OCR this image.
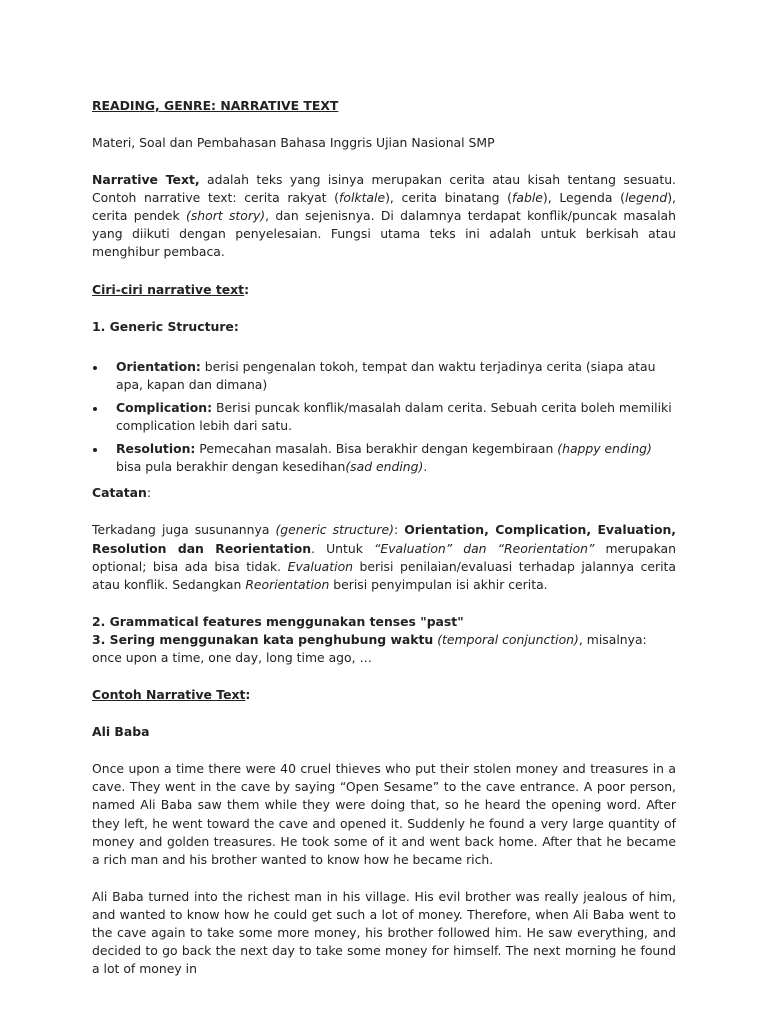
READING, GENRE: NARRATIVE TEXT

Materi, Soal dan Pembahasan Bahasa Inggris Ujian Nasional SMP

Narrative Text, adalah teks yang isinya merupakan cerita atau kisah tentang sesuatu. Contoh narrative text: cerita rakyat (folktale), cerita binatang (fable), Legenda (legend), cerita pendek (short story), dan sejenisnya. Di dalamnya terdapat konflik/puncak masalah yang diikuti dengan penyelesaian. Fungsi utama teks ini adalah untuk berkisah atau menghibur pembaca.

Ciri-ciri narrative text:

1. Generic Structure:

Orientation: berisi pengenalan tokoh, tempat dan waktu terjadinya cerita (siapa atau apa, kapan dan dimana)
Complication: Berisi puncak konflik/masalah dalam cerita. Sebuah cerita boleh memiliki complication lebih dari satu.
Resolution: Pemecahan masalah. Bisa berakhir dengan kegembiraan (happy ending) bisa pula berakhir dengan kesedihan(sad ending).

Catatan:

Terkadang juga susunannya (generic structure): Orientation, Complication, Evaluation, Resolution dan Reorientation. Untuk “Evaluation” dan “Reorientation” merupakan optional; bisa ada bisa tidak. Evaluation berisi penilaian/evaluasi terhadap jalannya cerita atau konflik. Sedangkan Reorientation berisi penyimpulan isi akhir cerita.

2. Grammatical features menggunakan tenses "past"

3. Sering menggunakan kata penghubung waktu (temporal conjunction), misalnya: once upon a time, one day, long time ago, …

Contoh Narrative Text:

Ali Baba

Once upon a time there were 40 cruel thieves who put their stolen money and treasures in a cave. They went in the cave by saying “Open Sesame” to the cave entrance. A poor person, named Ali Baba saw them while they were doing that, so he heard the opening word. After they left, he went toward the cave and opened it. Suddenly he found a very large quantity of money and golden treasures. He took some of it and went back home. After that he became a rich man and his brother wanted to know how he became rich.

Ali Baba turned into the richest man in his village. His evil brother was really jealous of him, and wanted to know how he could get such a lot of money. Therefore, when Ali Baba went to the cave again to take some more money, his brother followed him. He saw everything, and decided to go back the next day to take some money for himself. The next morning he found a lot of money in
